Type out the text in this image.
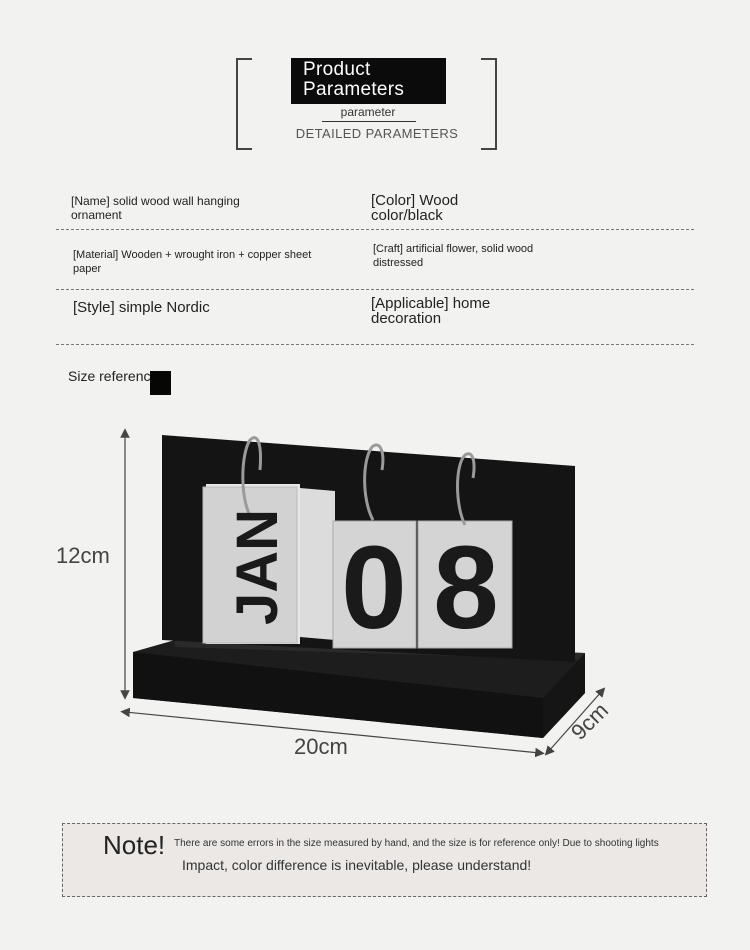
Product
Parameters
parameter
DETAILED PARAMETERS
[Name] solid wood wall hanging ornament
[Color] Wood color/black
[Material] Wooden + wrought iron + copper sheet paper
[Craft] artificial flower, solid wood distressed
[Style] simple Nordic	[Applicable] home decoration
Size referenc
JAN 0 8
12cm
20cm
9cm
Note! There are some errors in the size measured by hand, and the size is for reference only! Due to shooting lights
Impact, color difference is inevitable, please understand!
